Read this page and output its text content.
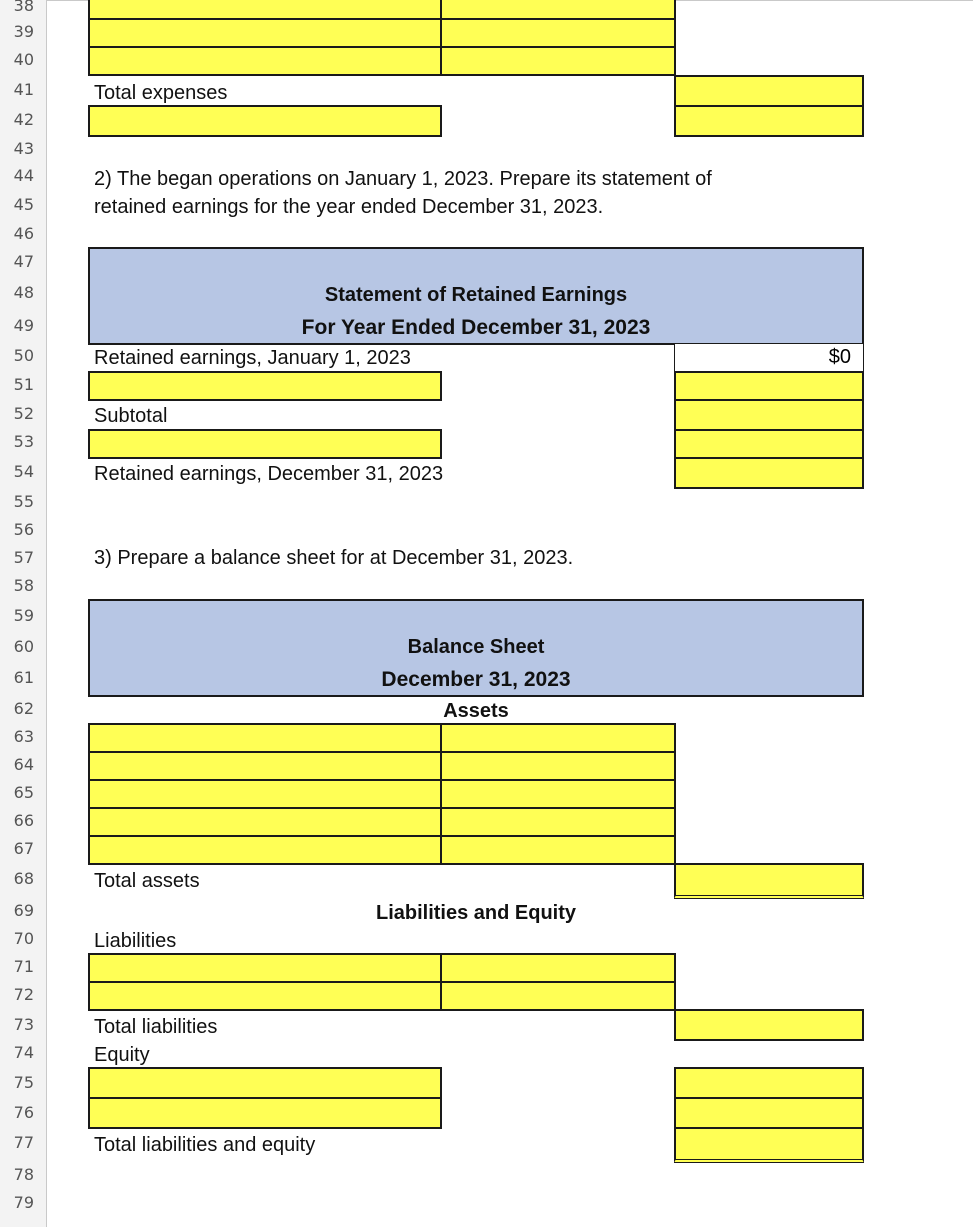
38
39
40
41
42
43
44
45
46
47
48
49
50
51
52
53
54
55
56
57
58
59
60
61
62
63
64
65
66
67
68
69
70
71
72
73
74
75
76
77
78
79
Total expenses
2) The began operations on January 1, 2023. Prepare its statement of
retained earnings for the year ended December 31, 2023.
Statement of Retained Earnings
For Year Ended December 31, 2023
Retained earnings, January 1, 2023	$0
Subtotal
Retained earnings, December 31, 2023
3) Prepare a balance sheet for at December 31, 2023.
Balance Sheet
December 31, 2023
Assets
Total assets
Liabilities and Equity
Liabilities
Total liabilities
Equity
Total liabilities and equity
